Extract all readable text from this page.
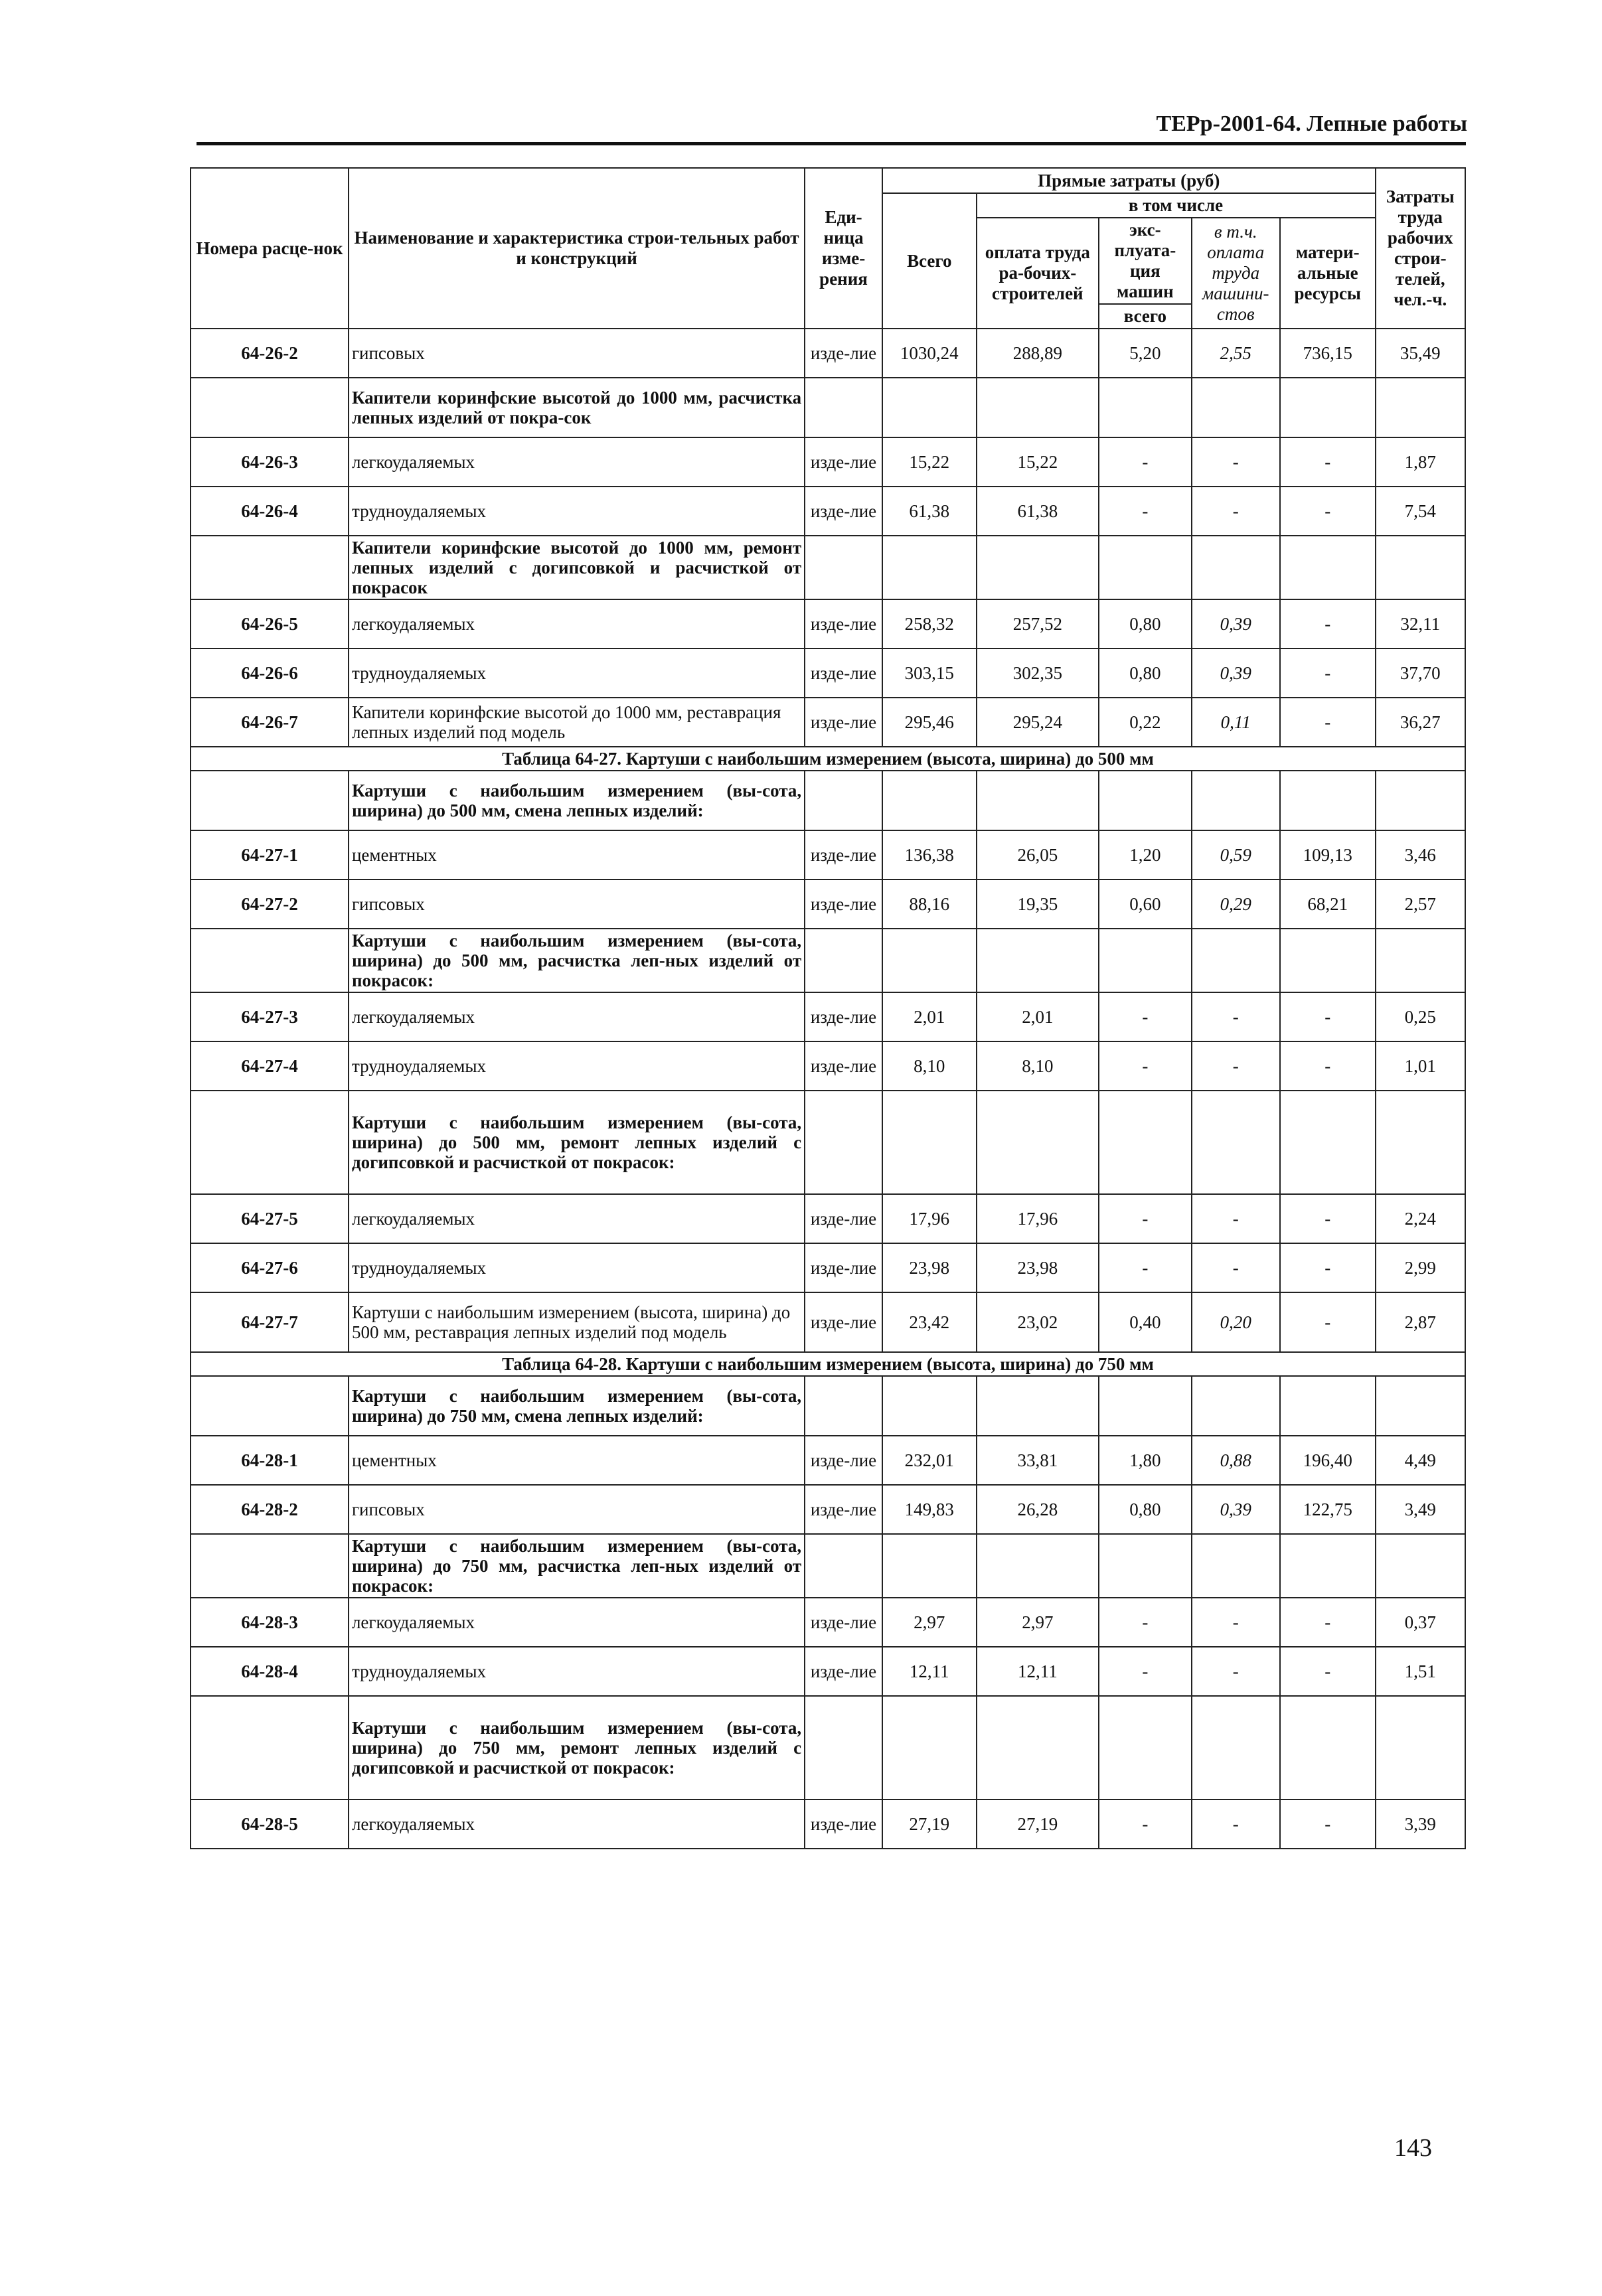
ТЕРр-2001-64. Лепные работы
Номера расце-нок	Наименование и характеристика строи-тельных работ и конструкций	Еди-ница изме-рения	Прямые затраты (руб)					Затраты труда рабочих строи-телей, чел.-ч.
			Всего	в том числе				
				оплата труда ра-бочих-строителей	экс-плуата-ция машин	в т.ч. оплата труда машини-стов	матери-альные ресурсы	
					всего			
64-26-2	гипсовых	изде-лие	1030,24	288,89	5,20	2,55	736,15	35,49
	Капители коринфские высотой до 1000 мм, расчистка лепных изделий от покра-сок							
64-26-3	легкоудаляемых	изде-лие	15,22	15,22	-	-	-	1,87
64-26-4	трудноудаляемых	изде-лие	61,38	61,38	-	-	-	7,54
	Капители коринфские высотой до 1000 мм, ремонт лепных изделий с догипсовкой и расчисткой от покрасок							
64-26-5	легкоудаляемых	изде-лие	258,32	257,52	0,80	0,39	-	32,11
64-26-6	трудноудаляемых	изде-лие	303,15	302,35	0,80	0,39	-	37,70
64-26-7	Капители коринфские высотой до 1000 мм, реставрация лепных изделий под модель	изде-лие	295,46	295,24	0,22	0,11	-	36,27
Таблица 64-27. Картуши с наибольшим измерением (высота, ширина) до 500 мм								
	Картуши с наибольшим измерением (вы-сота, ширина) до 500 мм, смена лепных изделий:							
64-27-1	цементных	изде-лие	136,38	26,05	1,20	0,59	109,13	3,46
64-27-2	гипсовых	изде-лие	88,16	19,35	0,60	0,29	68,21	2,57
	Картуши с наибольшим измерением (вы-сота, ширина) до 500 мм, расчистка леп-ных изделий от покрасок:							
64-27-3	легкоудаляемых	изде-лие	2,01	2,01	-	-	-	0,25
64-27-4	трудноудаляемых	изде-лие	8,10	8,10	-	-	-	1,01
	Картуши с наибольшим измерением (вы-сота, ширина) до 500 мм, ремонт лепных изделий с догипсовкой и расчисткой от покрасок:							
64-27-5	легкоудаляемых	изде-лие	17,96	17,96	-	-	-	2,24
64-27-6	трудноудаляемых	изде-лие	23,98	23,98	-	-	-	2,99
64-27-7	Картуши с наибольшим измерением (высота, ширина) до 500 мм, реставрация лепных изделий под модель	изде-лие	23,42	23,02	0,40	0,20	-	2,87
Таблица 64-28. Картуши с наибольшим измерением (высота, ширина) до 750 мм								
	Картуши с наибольшим измерением (вы-сота, ширина) до 750 мм, смена лепных изделий:							
64-28-1	цементных	изде-лие	232,01	33,81	1,80	0,88	196,40	4,49
64-28-2	гипсовых	изде-лие	149,83	26,28	0,80	0,39	122,75	3,49
	Картуши с наибольшим измерением (вы-сота, ширина) до 750 мм, расчистка леп-ных изделий от покрасок:							
64-28-3	легкоудаляемых	изде-лие	2,97	2,97	-	-	-	0,37
64-28-4	трудноудаляемых	изде-лие	12,11	12,11	-	-	-	1,51
	Картуши с наибольшим измерением (вы-сота, ширина) до 750 мм, ремонт лепных изделий с догипсовкой и расчисткой от покрасок:							
64-28-5	легкоудаляемых	изде-лие	27,19	27,19	-	-	-	3,39
143
